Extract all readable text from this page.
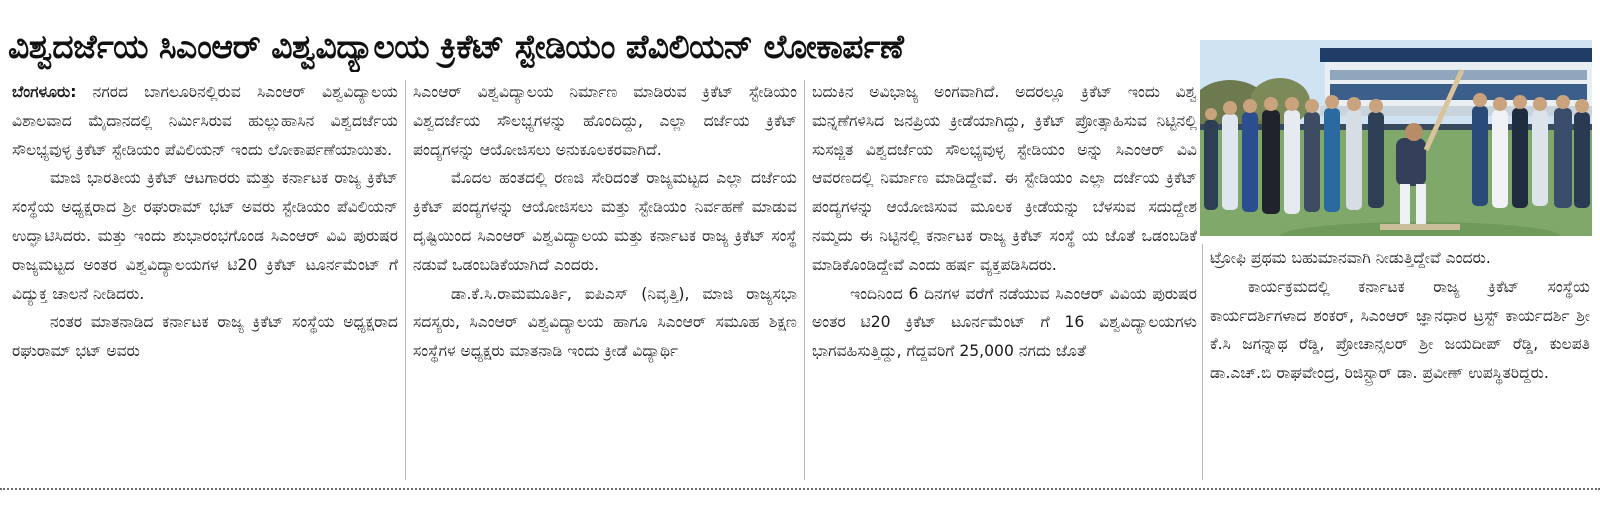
ವಿಶ್ವದರ್ಜೆಯ ಸಿಎಂಆರ್ ವಿಶ್ವವಿದ್ಯಾಲಯ ಕ್ರಿಕೆಟ್ ಸ್ಟೇಡಿಯಂ ಪೆವಿಲಿಯನ್ ಲೋಕಾರ್ಪಣೆ

ಬೆಂಗಳೂರು: ನಗರದ ಬಾಗಲೂರಿನಲ್ಲಿರುವ ಸಿಎಂಆರ್ ವಿಶ್ವವಿದ್ಯಾಲಯ ವಿಶಾಲವಾದ ಮೈದಾನದಲ್ಲಿ ನಿರ್ಮಿಸಿರುವ ಹುಲ್ಲುಹಾಸಿನ ವಿಶ್ವದರ್ಜೆಯ ಸೌಲಭ್ಯವುಳ್ಳ ಕ್ರಿಕೆಟ್ ಸ್ಟೇಡಿಯಂ ಪೆವಿಲಿಯನ್ ಇಂದು ಲೋಕಾರ್ಪಣೆಯಾಯಿತು.

ಮಾಜಿ ಭಾರತೀಯ ಕ್ರಿಕೆಟ್ ಆಟಗಾರರು ಮತ್ತು ಕರ್ನಾಟಕ ರಾಜ್ಯ ಕ್ರಿಕೆಟ್ ಸಂಸ್ಥೆಯ ಅಧ್ಯಕ್ಷರಾದ ಶ್ರೀ ರಘುರಾಮ್ ಭಟ್ ಅವರು ಸ್ಟೇಡಿಯಂ ಪೆವಿಲಿಯನ್ ಉದ್ಘಾಟಿಸಿದರು. ಮತ್ತು ಇಂದು ಶುಭಾರಂಭಗೊಂಡ ಸಿಎಂಆರ್ ವಿವಿ ಪುರುಷರ ರಾಜ್ಯಮಟ್ಟದ ಅಂತರ ವಿಶ್ವವಿದ್ಯಾಲಯಗಳ ಟಿ20 ಕ್ರಿಕೆಟ್ ಟೂರ್ನಮೆಂಟ್ ಗೆ ವಿದ್ಯುಕ್ತ ಚಾಲನೆ ನೀಡಿದರು.

ನಂತರ ಮಾತನಾಡಿದ ಕರ್ನಾಟಕ ರಾಜ್ಯ ಕ್ರಿಕೆಟ್ ಸಂಸ್ಥೆಯ ಅಧ್ಯಕ್ಷರಾದ ರಘುರಾಮ್ ಭಟ್ ಅವರು

ಸಿಎಂಆರ್ ವಿಶ್ವವಿದ್ಯಾಲಯ ನಿರ್ಮಾಣ ಮಾಡಿರುವ ಕ್ರಿಕೆಟ್ ಸ್ಟೇಡಿಯಂ ವಿಶ್ವದರ್ಜೆಯ ಸೌಲಭ್ಯಗಳನ್ನು ಹೊಂದಿದ್ದು, ಎಲ್ಲಾ ದರ್ಜೆಯ ಕ್ರಿಕೆಟ್ ಪಂದ್ಯಗಳನ್ನು ಆಯೋಜಿಸಲು ಅನುಕೂಲಕರವಾಗಿದೆ.

ಮೊದಲ ಹಂತದಲ್ಲಿ ರಣಜಿ ಸೇರಿದಂತೆ ರಾಜ್ಯಮಟ್ಟದ ಎಲ್ಲಾ ದರ್ಜೆಯ ಕ್ರಿಕೆಟ್ ಪಂದ್ಯಗಳನ್ನು ಆಯೋಜಿಸಲು ಮತ್ತು ಸ್ಟೇಡಿಯಂ ನಿರ್ವಹಣೆ ಮಾಡುವ ದೃಷ್ಟಿಯಿಂದ ಸಿಎಂಆರ್ ವಿಶ್ವವಿದ್ಯಾಲಯ ಮತ್ತು ಕರ್ನಾಟಕ ರಾಜ್ಯ ಕ್ರಿಕೆಟ್ ಸಂಸ್ಥೆ ನಡುವೆ ಒಡಂಬಡಿಕೆಯಾಗಿದೆ ಎಂದರು.

ಡಾ.ಕೆ.ಸಿ.ರಾಮಮೂರ್ತಿ, ಐಪಿಎಸ್ (ನಿವೃತ್ತಿ), ಮಾಜಿ ರಾಜ್ಯಸಭಾ ಸದಸ್ಯರು, ಸಿಎಂಆರ್ ವಿಶ್ವವಿದ್ಯಾಲಯ ಹಾಗೂ ಸಿಎಂಆರ್ ಸಮೂಹ ಶಿಕ್ಷಣ ಸಂಸ್ಥೆಗಳ ಅಧ್ಯಕ್ಷರು ಮಾತನಾಡಿ ಇಂದು ಕ್ರೀಡೆ ವಿದ್ಯಾರ್ಥಿ

ಬದುಕಿನ ಅವಿಭಾಜ್ಯ ಅಂಗವಾಗಿದೆ. ಅದರಲ್ಲೂ ಕ್ರಿಕೆಟ್ ಇಂದು ವಿಶ್ವ ಮನ್ನಣೆಗಳಿಸಿದ ಜನಪ್ರಿಯ ಕ್ರೀಡೆಯಾಗಿದ್ದು, ಕ್ರಿಕೆಟ್ ಪ್ರೋತ್ಸಾಹಿಸುವ ನಿಟ್ಟಿನಲ್ಲಿ ಸುಸಜ್ಜಿತ ವಿಶ್ವದರ್ಜೆಯ ಸೌಲಭ್ಯವುಳ್ಳ ಸ್ಟೇಡಿಯಂ ಅನ್ನು ಸಿಎಂಆರ್ ವಿವಿ ಆವರಣದಲ್ಲಿ ನಿರ್ಮಾಣ ಮಾಡಿದ್ದೇವೆ. ಈ ಸ್ಟೇಡಿಯಂ ಎಲ್ಲಾ ದರ್ಜೆಯ ಕ್ರಿಕೆಟ್ ಪಂದ್ಯಗಳನ್ನು ಆಯೋಜಿಸುವ ಮೂಲಕ ಕ್ರೀಡೆಯನ್ನು ಬೆಳಸುವ ಸದುದ್ದೇಶ ನಮ್ಮದು ಈ ನಿಟ್ಟಿನಲ್ಲಿ ಕರ್ನಾಟಕ ರಾಜ್ಯ ಕ್ರಿಕೆಟ್ ಸಂಸ್ಥೆ ಯ ಜೊತೆ ಒಡಂಬಡಿಕೆ ಮಾಡಿಕೊಂಡಿದ್ದೇವೆ ಎಂದು ಹರ್ಷ ವ್ಯಕ್ತಪಡಿಸಿದರು.

ಇಂದಿನಿಂದ 6 ದಿನಗಳ ವರೆಗೆ ನಡೆಯುವ ಸಿಎಂಆರ್ ವಿವಿಯ ಪುರುಷರ ಅಂತರ ಟಿ20 ಕ್ರಿಕೆಟ್ ಟೂರ್ನಮೆಂಟ್ ಗೆ 16 ವಿಶ್ವವಿದ್ಯಾಲಯಗಳು ಭಾಗವಹಿಸುತ್ತಿದ್ದು, ಗೆದ್ದವರಿಗೆ 25,000 ನಗದು ಜೊತೆ

ಟ್ರೋಫಿ ಪ್ರಥಮ ಬಹುಮಾನವಾಗಿ ನೀಡುತ್ತಿದ್ದೇವೆ ಎಂದರು.

ಕಾರ್ಯಕ್ರಮದಲ್ಲಿ ಕರ್ನಾಟಕ ರಾಜ್ಯ ಕ್ರಿಕೆಟ್ ಸಂಸ್ಥೆಯ ಕಾರ್ಯದರ್ಶಿಗಳಾದ ಶಂಕರ್, ಸಿಎಂಆರ್ ಜ್ಞಾನಧಾರ ಟ್ರಸ್ಟ್ ಕಾರ್ಯದರ್ಶಿ ಶ್ರೀ ಕೆ.ಸಿ ಜಗನ್ನಾಥ ರೆಡ್ಡಿ, ಪ್ರೋಚಾನ್ಸಲರ್ ಶ್ರೀ ಜಯದೀಪ್ ರೆಡ್ಡಿ, ಕುಲಪತಿ ಡಾ.ಎಚ್.ಬಿ ರಾಘವೇಂದ್ರ, ರಿಜಿಸ್ಟ್ರಾರ್ ಡಾ. ಪ್ರವೀಣ್ ಉಪಸ್ಥಿತರಿದ್ದರು.
